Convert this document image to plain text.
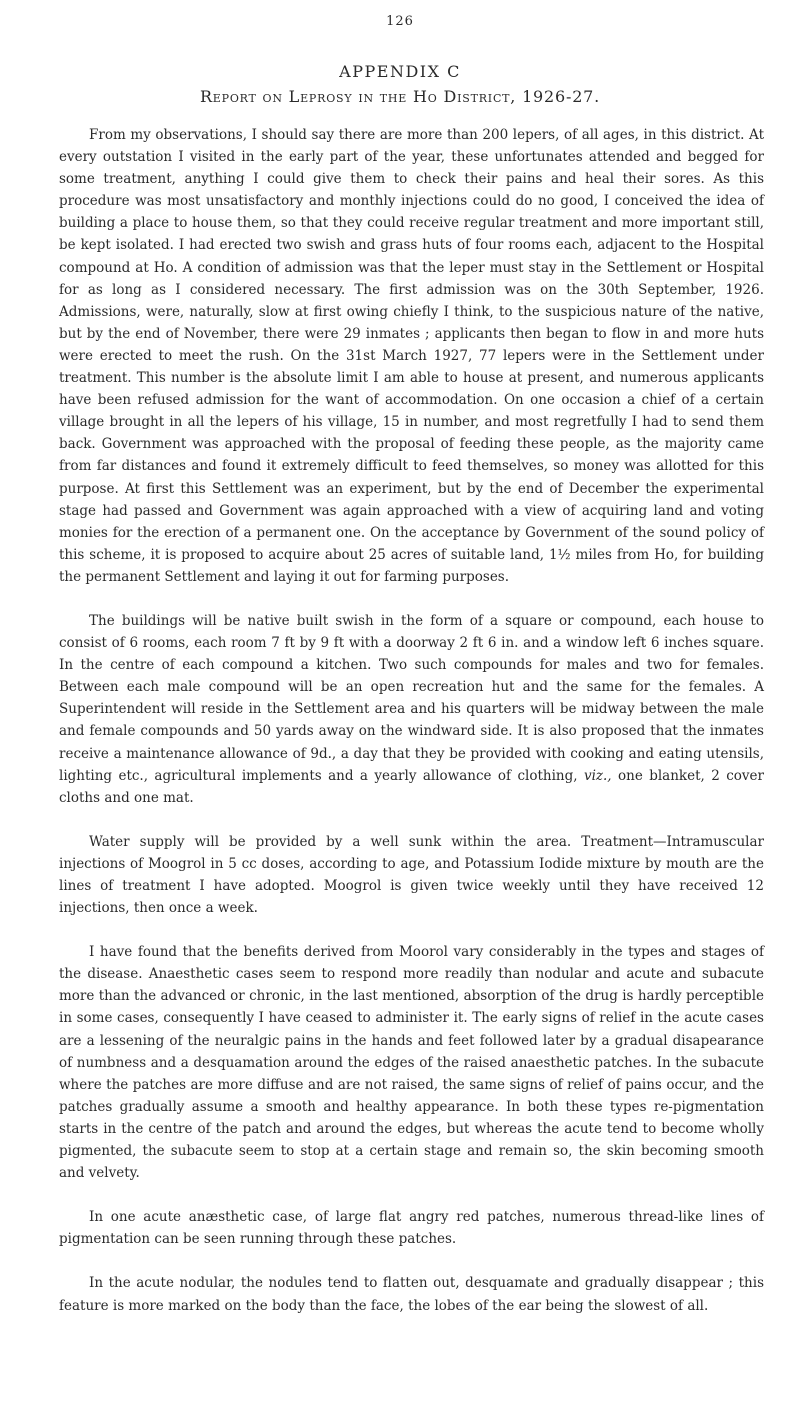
126
APPENDIX C
Report on Leprosy in the Ho District, 1926-27.

From my observations, I should say there are more than 200 lepers, of all ages, in this district. At every outstation I visited in the early part of the year, these unfortunates attended and begged for some treatment, anything I could give them to check their pains and heal their sores. As this procedure was most unsatisfactory and monthly injections could do no good, I conceived the idea of building a place to house them, so that they could receive regular treatment and more important still, be kept isolated. I had erected two swish and grass huts of four rooms each, adjacent to the Hospital compound at Ho. A condition of admission was that the leper must stay in the Settlement or Hospital for as long as I considered necessary. The first admission was on the 30th September, 1926. Admissions, were, naturally, slow at first owing chiefly I think, to the suspicious nature of the native, but by the end of November, there were 29 inmates ; applicants then began to flow in and more huts were erected to meet the rush. On the 31st March 1927, 77 lepers were in the Settlement under treatment. This number is the absolute limit I am able to house at present, and numerous applicants have been refused admission for the want of accommodation. On one occasion a chief of a certain village brought in all the lepers of his village, 15 in number, and most regretfully I had to send them back. Government was approached with the proposal of feeding these people, as the majority came from far distances and found it extremely difficult to feed themselves, so money was allotted for this purpose. At first this Settlement was an experiment, but by the end of December the experimental stage had passed and Government was again approached with a view of acquiring land and voting monies for the erection of a permanent one. On the acceptance by Government of the sound policy of this scheme, it is proposed to acquire about 25 acres of suitable land, 1½ miles from Ho, for building the permanent Settlement and laying it out for farming purposes.

The buildings will be native built swish in the form of a square or compound, each house to consist of 6 rooms, each room 7 ft by 9 ft with a doorway 2 ft 6 in. and a window left 6 inches square. In the centre of each compound a kitchen. Two such compounds for males and two for females. Between each male compound will be an open recreation hut and the same for the females. A Superintendent will reside in the Settlement area and his quarters will be midway between the male and female compounds and 50 yards away on the windward side. It is also proposed that the inmates receive a maintenance allowance of 9d., a day that they be provided with cooking and eating utensils, lighting etc., agricultural implements and a yearly allowance of clothing, viz., one blanket, 2 cover cloths and one mat.

Water supply will be provided by a well sunk within the area. Treatment—Intramuscular injections of Moogrol in 5 cc doses, according to age, and Potassium Iodide mixture by mouth are the lines of treatment I have adopted. Moogrol is given twice weekly until they have received 12 injections, then once a week.

I have found that the benefits derived from Moorol vary considerably in the types and stages of the disease. Anaesthetic cases seem to respond more readily than nodular and acute and subacute more than the advanced or chronic, in the last mentioned, absorption of the drug is hardly perceptible in some cases, consequently I have ceased to administer it. The early signs of relief in the acute cases are a lessening of the neuralgic pains in the hands and feet followed later by a gradual disapearance of numbness and a desquamation around the edges of the raised anaesthetic patches. In the subacute where the patches are more diffuse and are not raised, the same signs of relief of pains occur, and the patches gradually assume a smooth and healthy appearance. In both these types re-pigmentation starts in the centre of the patch and around the edges, but whereas the acute tend to become wholly pigmented, the subacute seem to stop at a certain stage and remain so, the skin becoming smooth and velvety.

In one acute anæsthetic case, of large flat angry red patches, numerous thread-like lines of pigmentation can be seen running through these patches.

In the acute nodular, the nodules tend to flatten out, desquamate and gradually disappear ; this feature is more marked on the body than the face, the lobes of the ear being the slowest of all.
